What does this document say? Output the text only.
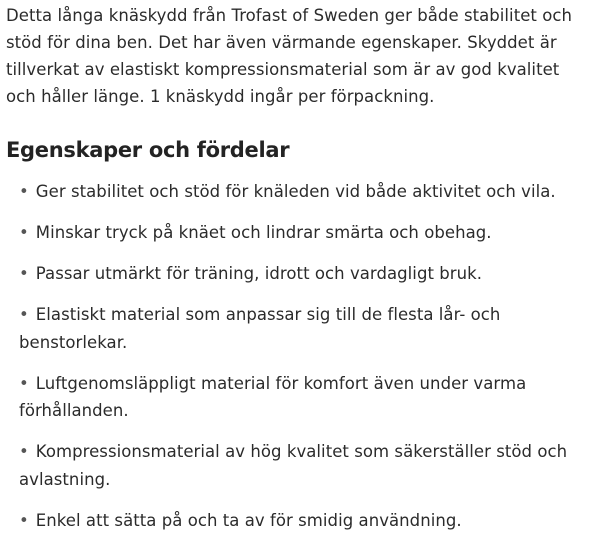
Detta långa knäskydd från Trofast of Sweden ger både stabilitet och stöd för dina ben. Det har även värmande egenskaper. Skyddet är tillverkat av elastiskt kompressionsmaterial som är av god kvalitet och håller länge. 1 knäskydd ingår per förpackning.

Egenskaper och fördelar
• Ger stabilitet och stöd för knäleden vid både aktivitet och vila.
• Minskar tryck på knäet och lindrar smärta och obehag.
• Passar utmärkt för träning, idrott och vardagligt bruk.
• Elastiskt material som anpassar sig till de flesta lår- och benstorlekar.
• Luftgenomsläppligt material för komfort även under varma förhållanden.
• Kompressionsmaterial av hög kvalitet som säkerställer stöd och avlastning.
• Enkel att sätta på och ta av för smidig användning.
